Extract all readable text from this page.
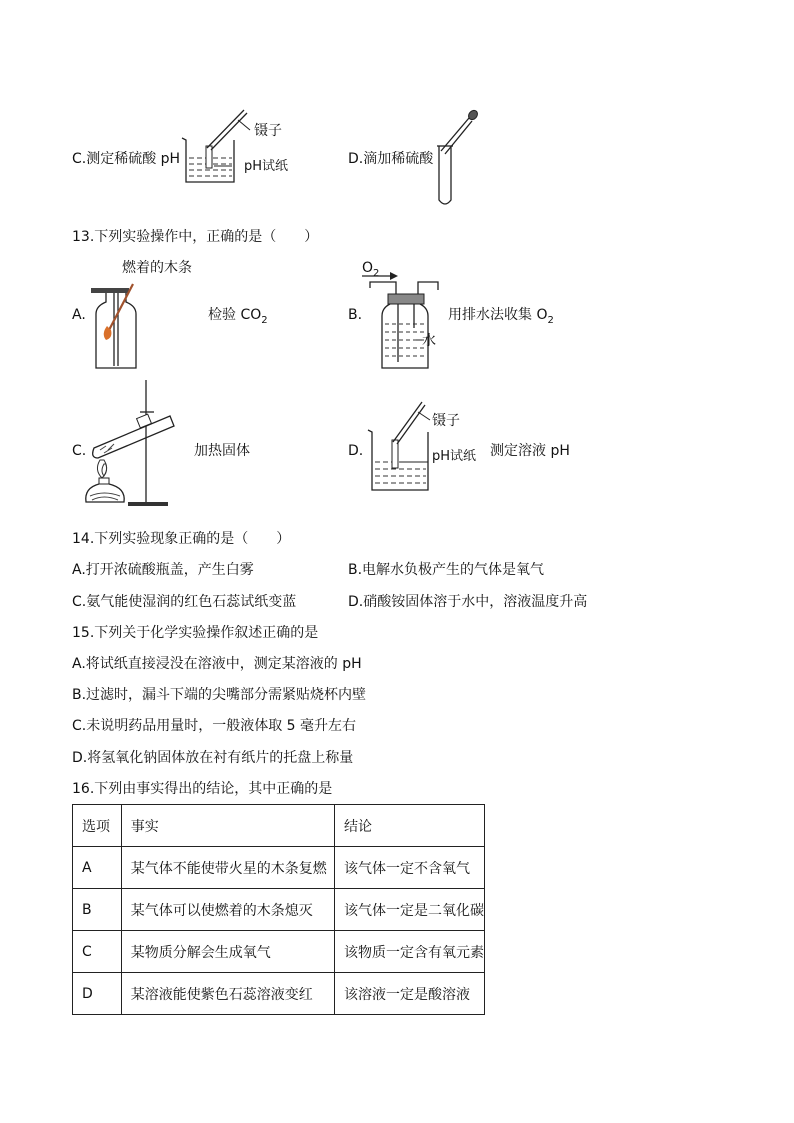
C.测定稀硫酸 pH
镊子
pH试纸	D.滴加稀硫酸
13.下列实验操作中，正确的是（　　）
燃着的木条
A.	检验 $CO_2$	B.
$O_2$
水
用排水法收集 $O_2$
C.	加热固体	D.
镊子
pH试纸 测定溶液 pH
14.下列实验现象正确的是（　　）
A.打开浓硫酸瓶盖，产生白雾	B.电解水负极产生的气体是氧气
C.氨气能使湿润的红色石蕊试纸变蓝	D.硝酸铵固体溶于水中，溶液温度升高
15.下列关于化学实验操作叙述正确的是
A.将试纸直接浸没在溶液中，测定某溶液的 pH
B.过滤时，漏斗下端的尖嘴部分需紧贴烧杯内壁
C.未说明药品用量时，一般液体取 5 毫升左右
D.将氢氧化钠固体放在衬有纸片的托盘上称量
16.下列由事实得出的结论，其中正确的是
选项	事实	结论
A	某气体不能使带火星的木条复燃	该气体一定不含氧气
B	某气体可以使燃着的木条熄灭	该气体一定是二氧化碳
C	某物质分解会生成氧气	该物质一定含有氧元素
D	某溶液能使紫色石蕊溶液变红	该溶液一定是酸溶液
